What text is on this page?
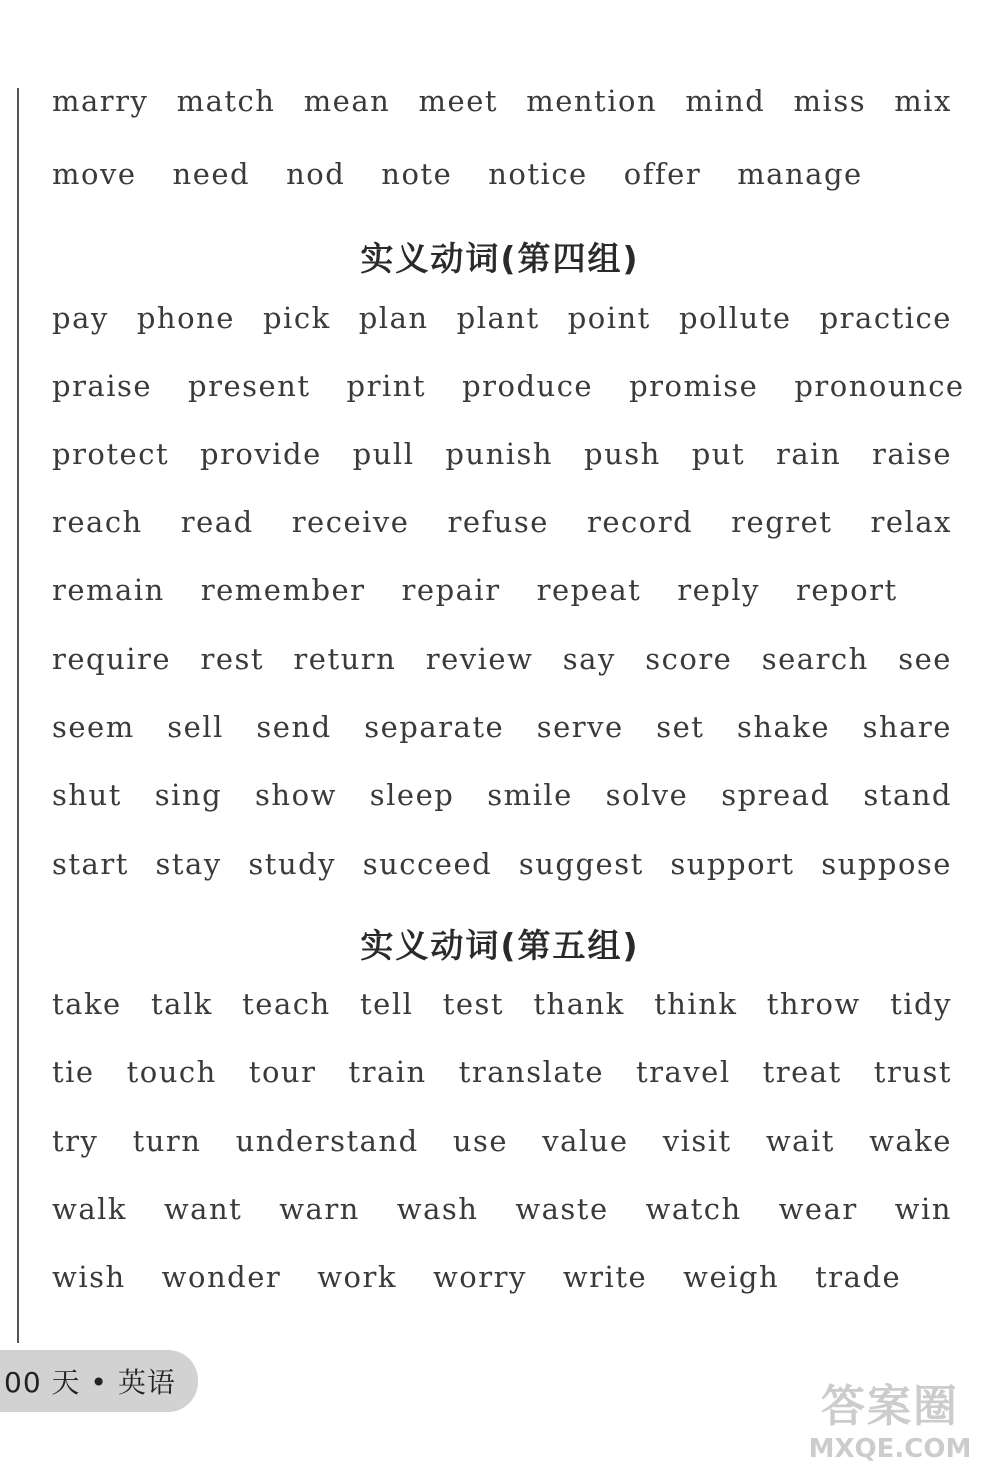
实义动词(第四组)
实义动词(第五组)
marry match mean meet mention mind miss mix
move need nod note notice offer manage
pay phone pick plan plant point pollute practice
praise present print produce promise pronounce
protect provide pull punish push put rain raise
reach read receive refuse record regret relax
remain remember repair repeat reply report
require rest return review say score search see
seem sell send separate serve set shake share
shut sing show sleep smile solve spread stand
start stay study succeed suggest support suppose
take talk teach tell test thank think throw tidy
tie touch tour train translate travel treat trust
try turn understand use value visit wait wake
walk want warn wash waste watch wear win
wish wonder work worry write weigh trade
00 天 • 英语	答案圈
MXQE.COM
